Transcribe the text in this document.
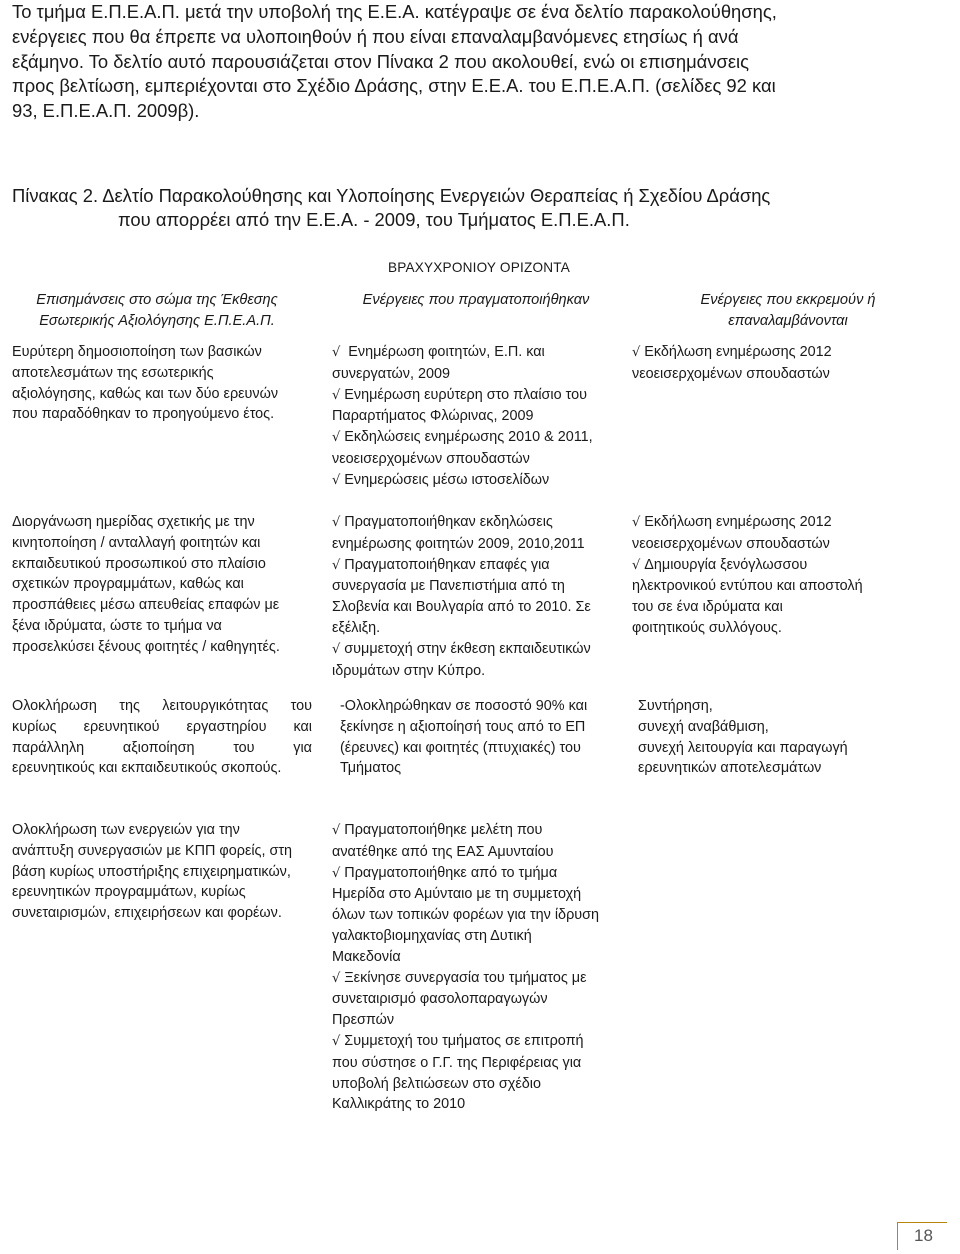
Το τμήμα Ε.Π.Ε.Α.Π. μετά την υποβολή της Ε.Ε.Α. κατέγραψε σε ένα δελτίο παρακολούθησης,
ενέργειες που θα έπρεπε να υλοποιηθούν ή που είναι επαναλαμβανόμενες ετησίως ή ανά
εξάμηνο. Το δελτίο αυτό παρουσιάζεται στον Πίνακα 2 που ακολουθεί, ενώ οι επισημάνσεις
προς βελτίωση, εμπεριέχονται στο Σχέδιο Δράσης, στην Ε.Ε.Α. του Ε.Π.Ε.Α.Π. (σελίδες 92 και
93, Ε.Π.Ε.Α.Π. 2009β).
Πίνακας 2. Δελτίο Παρακολούθησης και Υλοποίησης Ενεργειών Θεραπείας ή Σχεδίου Δράσης
που απορρέει από την Ε.Ε.Α. - 2009, του Τμήματος Ε.Π.Ε.Α.Π.
ΒΡΑΧΥΧΡΟΝΙΟΥ ΟΡΙΖΟΝΤΑ
Επισημάνσεις στο σώμα της Έκθεσης
Εσωτερικής Αξιολόγησης Ε.Π.Ε.Α.Π.
Ενέργειες που πραγματοποιήθηκαν	Ενέργειες που εκκρεμούν ή
επαναλαμβάνονται
Ευρύτερη δημοσιοποίηση των βασικών
αποτελεσμάτων της εσωτερικής
αξιολόγησης, καθώς και των δύο ερευνών
που παραδόθηκαν το προηγούμενο έτος.
√ Ενημέρωση φοιτητών, Ε.Π. και
συνεργατών, 2009
√ Ενημέρωση ευρύτερη στο πλαίσιο του
Παραρτήματος Φλώρινας, 2009
√ Εκδηλώσεις ενημέρωσης 2010 & 2011,
νεοεισερχομένων σπουδαστών
√ Ενημερώσεις μέσω ιστοσελίδων
√ Εκδήλωση ενημέρωσης 2012
νεοεισερχομένων σπουδαστών
Διοργάνωση ημερίδας σχετικής με την
κινητοποίηση / ανταλλαγή φοιτητών και
εκπαιδευτικού προσωπικού στο πλαίσιο
σχετικών προγραμμάτων, καθώς και
προσπάθειες μέσω απευθείας επαφών με
ξένα ιδρύματα, ώστε το τμήμα να
προσελκύσει ξένους φοιτητές / καθηγητές.
√ Πραγματοποιήθηκαν εκδηλώσεις
ενημέρωσης φοιτητών 2009, 2010,2011
√ Πραγματοποιήθηκαν επαφές για
συνεργασία με Πανεπιστήμια από τη
Σλοβενία και Βουλγαρία από το 2010. Σε
εξέλιξη.
√ συμμετοχή στην έκθεση εκπαιδευτικών
ιδρυμάτων στην Κύπρο.
√ Εκδήλωση ενημέρωσης 2012
νεοεισερχομένων σπουδαστών
√ Δημιουργία ξενόγλωσσου
ηλεκτρονικού εντύπου και αποστολή
του σε ένα ιδρύματα και
φοιτητικούς συλλόγους.
Ολοκλήρωση της λειτουργικότητας του
κυρίως ερευνητικού εργαστηρίου και
παράλληλη αξιοποίηση του για
ερευνητικούς και εκπαιδευτικούς σκοπούς.
-Ολοκληρώθηκαν σε ποσοστό 90% και
ξεκίνησε η αξιοποίησή τους από το ΕΠ
(έρευνες) και φοιτητές (πτυχιακές) του
Τμήματος
Συντήρηση,
συνεχή αναβάθμιση,
συνεχή λειτουργία και παραγωγή
ερευνητικών αποτελεσμάτων
Ολοκλήρωση των ενεργειών για την
ανάπτυξη συνεργασιών με ΚΠΠ φορείς, στη
βάση κυρίως υποστήριξης επιχειρηματικών,
ερευνητικών προγραμμάτων, κυρίως
συνεταιρισμών, επιχειρήσεων και φορέων.
√ Πραγματοποιήθηκε μελέτη που
ανατέθηκε από της ΕΑΣ Αμυνταίου
√ Πραγματοποιήθηκε από το τμήμα
Ημερίδα στο Αμύνταιο με τη συμμετοχή
όλων των τοπικών φορέων για την ίδρυση
γαλακτοβιομηχανίας στη Δυτική
Μακεδονία
√ Ξεκίνησε συνεργασία του τμήματος με
συνεταιρισμό φασολοπαραγωγών
Πρεσπών
√ Συμμετοχή του τμήματος σε επιτροπή
που σύστησε ο Γ.Γ. της Περιφέρειας για
υποβολή βελτιώσεων στο σχέδιο
Καλλικράτης το 2010
18
